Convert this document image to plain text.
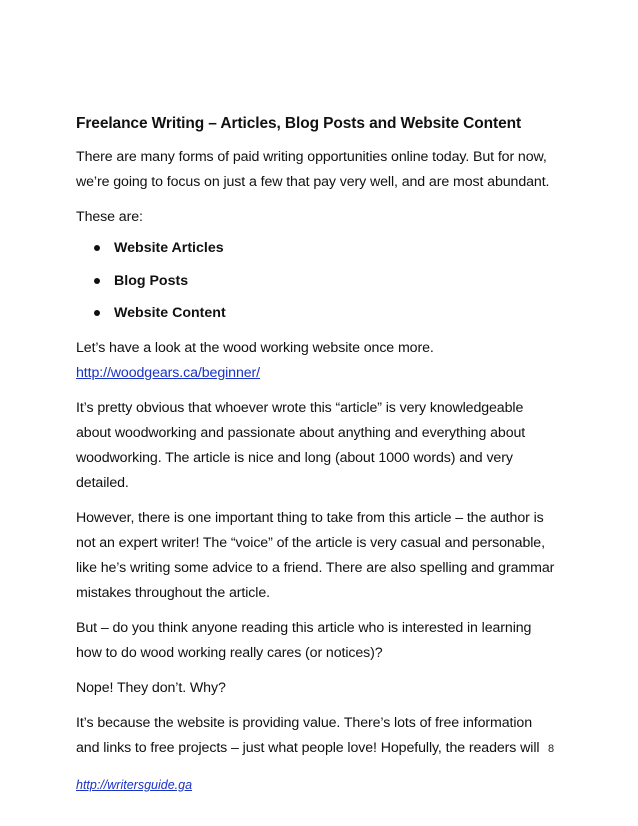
Freelance Writing – Articles, Blog Posts and Website Content

There are many forms of paid writing opportunities online today. But for now, we’re going to focus on just a few that pay very well, and are most abundant.

These are:

Website Articles
Blog Posts
Website Content

Let’s have a look at the wood working website once more.
http://woodgears.ca/beginner/

It’s pretty obvious that whoever wrote this “article” is very knowledgeable about woodworking and passionate about anything and everything about woodworking. The article is nice and long (about 1000 words) and very detailed.

However, there is one important thing to take from this article – the author is not an expert writer! The “voice” of the article is very casual and personable, like he’s writing some advice to a friend. There are also spelling and grammar mistakes throughout the article.

But – do you think anyone reading this article who is interested in learning how to do wood working really cares (or notices)?

Nope! They don’t. Why?

It’s because the website is providing value. There’s lots of free information and links to free projects – just what people love! Hopefully, the readers will 8
http://writersguide.ga
